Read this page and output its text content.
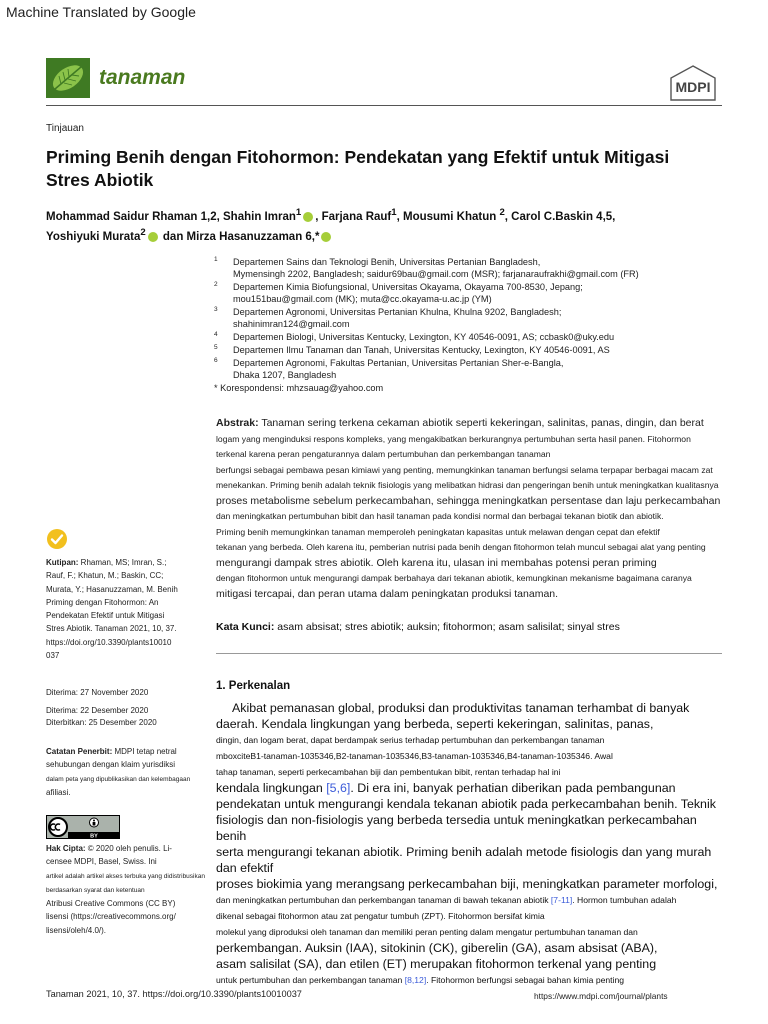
Machine Translated by Google
tanaman	MDPI
Tinjauan
Priming Benih dengan Fitohormon: Pendekatan yang Efektif untuk Mitigasi Stres Abiotik
Mohammad Saidur Rhaman 1,2, Shahin Imran$^1$ , Farjana Rauf$^1$, Mousumi Khatun $^2$, Carol C.Baskin 4,5,
Yoshiyuki Murata$^2$ dan Mirza Hasanuzzaman 6,*
1 Departemen Sains dan Teknologi Benih, Universitas Pertanian Bangladesh,
Mymensingh 2202, Bangladesh; saidur69bau@gmail.com (MSR); farjanaraufrakhi@gmail.com (FR)
2 Departemen Kimia Biofungsional, Universitas Okayama, Okayama 700-8530, Jepang;
mou151bau@gmail.com (MK); muta@cc.okayama-u.ac.jp (YM)
3 Departemen Agronomi, Universitas Pertanian Khulna, Khulna 9202, Bangladesh;
shahinimran124@gmail.com
4 Departemen Biologi, Universitas Kentucky, Lexington, KY 40546-0091, AS; ccbask0@uky.edu
5 Departemen Ilmu Tanaman dan Tanah, Universitas Kentucky, Lexington, KY 40546-0091, AS
6 Departemen Agronomi, Fakultas Pertanian, Universitas Pertanian Sher-e-Bangla,
Dhaka 1207, Bangladesh
* Korespondensi: mhzsauag@yahoo.com

Abstrak: Tanaman sering terkena cekaman abiotik seperti kekeringan, salinitas, panas, dingin, dan berat

logam yang menginduksi respons kompleks, yang mengakibatkan berkurangnya pertumbuhan serta hasil panen. Fitohormon

terkenal karena peran pengaturannya dalam pertumbuhan dan perkembangan tanaman

berfungsi sebagai pembawa pesan kimiawi yang penting, memungkinkan tanaman berfungsi selama terpapar berbagai macam zat

menekankan. Priming benih adalah teknik fisiologis yang melibatkan hidrasi dan pengeringan benih untuk meningkatkan kualitasnya

proses metabolisme sebelum perkecambahan, sehingga meningkatkan persentase dan laju perkecambahan

dan meningkatkan pertumbuhan bibit dan hasil tanaman pada kondisi normal dan berbagai tekanan biotik dan abiotik.

Priming benih memungkinkan tanaman memperoleh peningkatan kapasitas untuk melawan dengan cepat dan efektif

tekanan yang berbeda. Oleh karena itu, pemberian nutrisi pada benih dengan fitohormon telah muncul sebagai alat yang penting

mengurangi dampak stres abiotik. Oleh karena itu, ulasan ini membahas potensi peran priming

dengan fitohormon untuk mengurangi dampak berbahaya dari tekanan abiotik, kemungkinan mekanisme bagaimana caranya

mitigasi tercapai, dan peran utama dalam peningkatan produksi tanaman.

Kata Kunci: asam absisat; stres abiotik; auksin; fitohormon; asam salisilat; sinyal stres
1. Perkenalan

Akibat pemanasan global, produksi dan produktivitas tanaman terhambat di banyak

daerah. Kendala lingkungan yang berbeda, seperti kekeringan, salinitas, panas,

dingin, dan logam berat, dapat berdampak serius terhadap pertumbuhan dan perkembangan tanaman

mboxciteB1-tanaman-1035346,B2-tanaman-1035346,B3-tanaman-1035346,B4-tanaman-1035346. Awal

tahap tanaman, seperti perkecambahan biji dan pembentukan bibit, rentan terhadap hal ini

kendala lingkungan [5,6]. Di era ini, banyak perhatian diberikan pada pembangunan

pendekatan untuk mengurangi kendala tekanan abiotik pada perkecambahan benih. Teknik

fisiologis dan non-fisiologis yang berbeda tersedia untuk meningkatkan perkecambahan benih

serta mengurangi tekanan abiotik. Priming benih adalah metode fisiologis dan yang murah dan efektif

proses biokimia yang merangsang perkecambahan biji, meningkatkan parameter morfologi,

dan meningkatkan pertumbuhan dan perkembangan tanaman di bawah tekanan abiotik [7-11]. Hormon tumbuhan adalah

dikenal sebagai fitohormon atau zat pengatur tumbuh (ZPT). Fitohormon bersifat kimia

molekul yang diproduksi oleh tanaman dan memiliki peran penting dalam mengatur pertumbuhan tanaman dan

perkembangan. Auksin (IAA), sitokinin (CK), giberelin (GA), asam absisat (ABA),

asam salisilat (SA), dan etilen (ET) merupakan fitohormon terkenal yang penting

untuk pertumbuhan dan perkembangan tanaman [8,12]. Fitohormon berfungsi sebagai bahan kimia penting

Kutipan: Rhaman, MS; Imran, S.;
Rauf, F.; Khatun, M.; Baskin, CC;
Murata, Y.; Hasanuzzaman, M. Benih
Priming dengan Fitohormon: An
Pendekatan Efektif untuk Mitigasi
Stres Abiotik. Tanaman 2021, 10, 37.
https://doi.org/10.3390/plants10010
037
Diterima: 27 November 2020
Diterima: 22 Desember 2020
Diterbitkan: 25 Desember 2020
Catatan Penerbit: MDPI tetap netral
sehubungan dengan klaim yurisdiksi
dalam peta yang dipublikasikan dan kelembagaan
afiliasi.
BY
Hak Cipta: © 2020 oleh penulis. Li-
censee MDPI, Basel, Swiss. Ini
artikel adalah artikel akses terbuka yang didistribusikan
berdasarkan syarat dan ketentuan
Atribusi Creative Commons (CC BY)
lisensi (https://creativecommons.org/
lisensi/oleh/4.0/).
Tanaman 2021, 10, 37. https://doi.org/10.3390/plants10010037	https://www.mdpi.com/journal/plants
